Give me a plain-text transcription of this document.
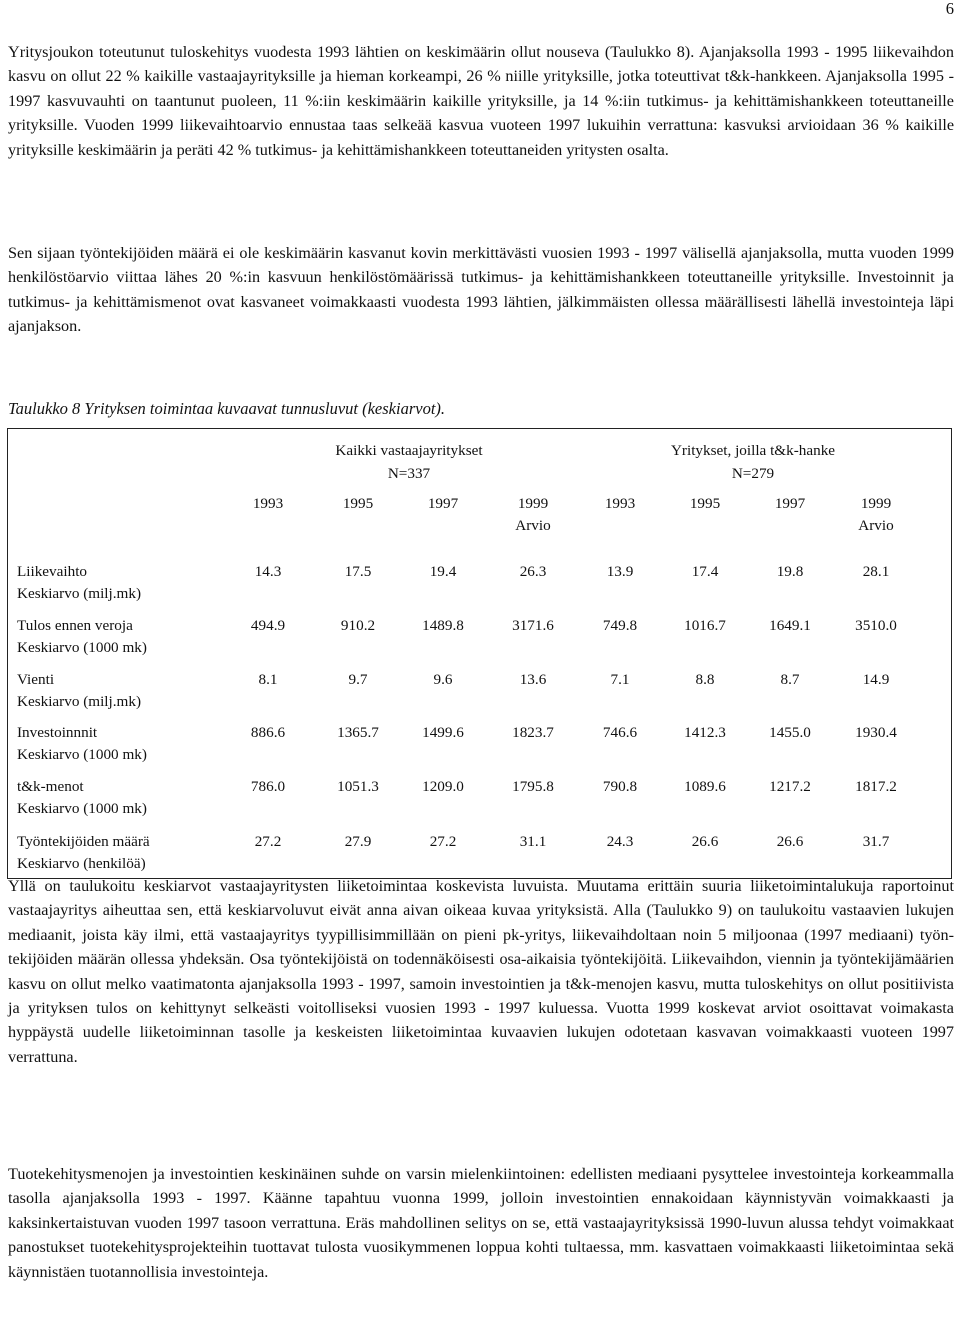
6

Yritysjoukon toteutunut tuloskehitys vuodesta 1993 lähtien on keskimäärin ollut nouseva (Taulukko 8). Ajanjaksolla 1993 - 1995 liikevaihdon kasvu on ollut 22 % kaikille vastaajayrityksille ja hieman korkeampi, 26 % niille yrityksille, jotka toteuttivat t&k-hankkeen. Ajanjaksolla 1995 - 1997 kasvuvauhti on taantunut puoleen, 11 %:iin keskimäärin kaikille yrityksille, ja 14 %:iin tutkimus- ja kehittämishankkeen toteuttaneille yrityksille. Vuoden 1999 liikevaihtoarvio ennustaa taas selkeää kasvua vuoteen 1997 lukuihin verrattuna: kasvuksi arvioidaan 36 % kaikille yrityksille keskimäärin ja peräti 42 % tutkimus- ja kehittämishankkeen toteuttaneiden yritysten osalta.

Sen sijaan työntekijöiden määrä ei ole keskimäärin kasvanut kovin merkittävästi vuosien 1993 - 1997 välisellä ajanjaksolla, mutta vuoden 1999 henkilöstöarvio viittaa lähes 20 %:in kasvuun henkilöstömäärissä tutkimus- ja kehittämishankkeen toteuttaneille yrityksille. Investoinnit ja tutkimus- ja kehittämismenot ovat kasvaneet voimakkaasti vuodesta 1993 lähtien, jälkimmäisten ollessa määrällisesti lähellä investointeja läpi ajanjakson.

Taulukko 8 Yrityksen toimintaa kuvaavat tunnusluvut (keskiarvot).

Kaikki vastaajayritykset
N=337
Yritykset, joilla t&k-hanke
N=279
1993	1995	1997	1999
Arvio
1993	1995	1997	1999
Arvio
Liikevaihto
Keskiarvo (milj.mk)
14.3	17.5	19.4	26.3	13.9	17.4	19.8	28.1
Tulos ennen veroja
Keskiarvo (1000 mk)
494.9	910.2	1489.8	3171.6	749.8	1016.7	1649.1	3510.0
Vienti
Keskiarvo (milj.mk)
8.1	9.7	9.6	13.6	7.1	8.8	8.7	14.9
Investoinnnit
Keskiarvo (1000 mk)
886.6	1365.7	1499.6	1823.7	746.6	1412.3	1455.0	1930.4
t&k-menot
Keskiarvo (1000 mk)
786.0	1051.3	1209.0	1795.8	790.8	1089.6	1217.2	1817.2
Työntekijöiden määrä
Keskiarvo (henkilöä)
27.2	27.9	27.2	31.1	24.3	26.6	26.6	31.7

Yllä on taulukoitu keskiarvot vastaajayritysten liiketoimintaa koskevista luvuista. Muutama erittäin suuria liiketoimintalukuja raportoinut vastaajayritys aiheuttaa sen, että keskiarvoluvut eivät anna aivan oikeaa kuvaa yrityksistä. Alla (Taulukko 9) on taulukoitu vastaavien lukujen mediaanit, joista käy ilmi, että vastaajayritys tyypillisimmillään on pieni pk-yritys, liikevaihdoltaan noin 5 miljoonaa (1997 mediaani) työntekijöiden määrän ollessa yhdeksän. Osa työntekijöistä on todennäköisesti osa-aikaisia työntekijöitä. Liikevaihdon, viennin ja työntekijämäärien kasvu on ollut melko vaatimatonta ajanjaksolla 1993 - 1997, samoin investointien ja t&k-menojen kasvu, mutta tuloskehitys on ollut positiivista ja yrityksen tulos on kehittynyt selkeästi voitolliseksi vuosien 1993 - 1997 kuluessa. Vuotta 1999 koskevat arviot osoittavat voimakasta hyppäystä uudelle liiketoiminnan tasolle ja keskeisten liiketoimintaa kuvaavien lukujen odotetaan kasvavan voimakkaasti vuoteen 1997 verrattuna.

Tuotekehitysmenojen ja investointien keskinäinen suhde on varsin mielenkiintoinen: edellisten mediaani pysyttelee investointeja korkeammalla tasolla ajanjaksolla 1993 - 1997. Käänne tapahtuu vuonna 1999, jolloin investointien ennakoidaan käynnistyvän voimakkaasti ja kaksinkertaistuvan vuoden 1997 tasoon verrattuna. Eräs mahdollinen selitys on se, että vastaajayrityksissä 1990-luvun alussa tehdyt voimakkaat panostukset tuotekehitysprojekteihin tuottavat tulosta vuosikymmenen loppua kohti tultaessa, mm. kasvattaen voimakkaasti liiketoimintaa sekä käynnistäen tuotannollisia investointeja.
